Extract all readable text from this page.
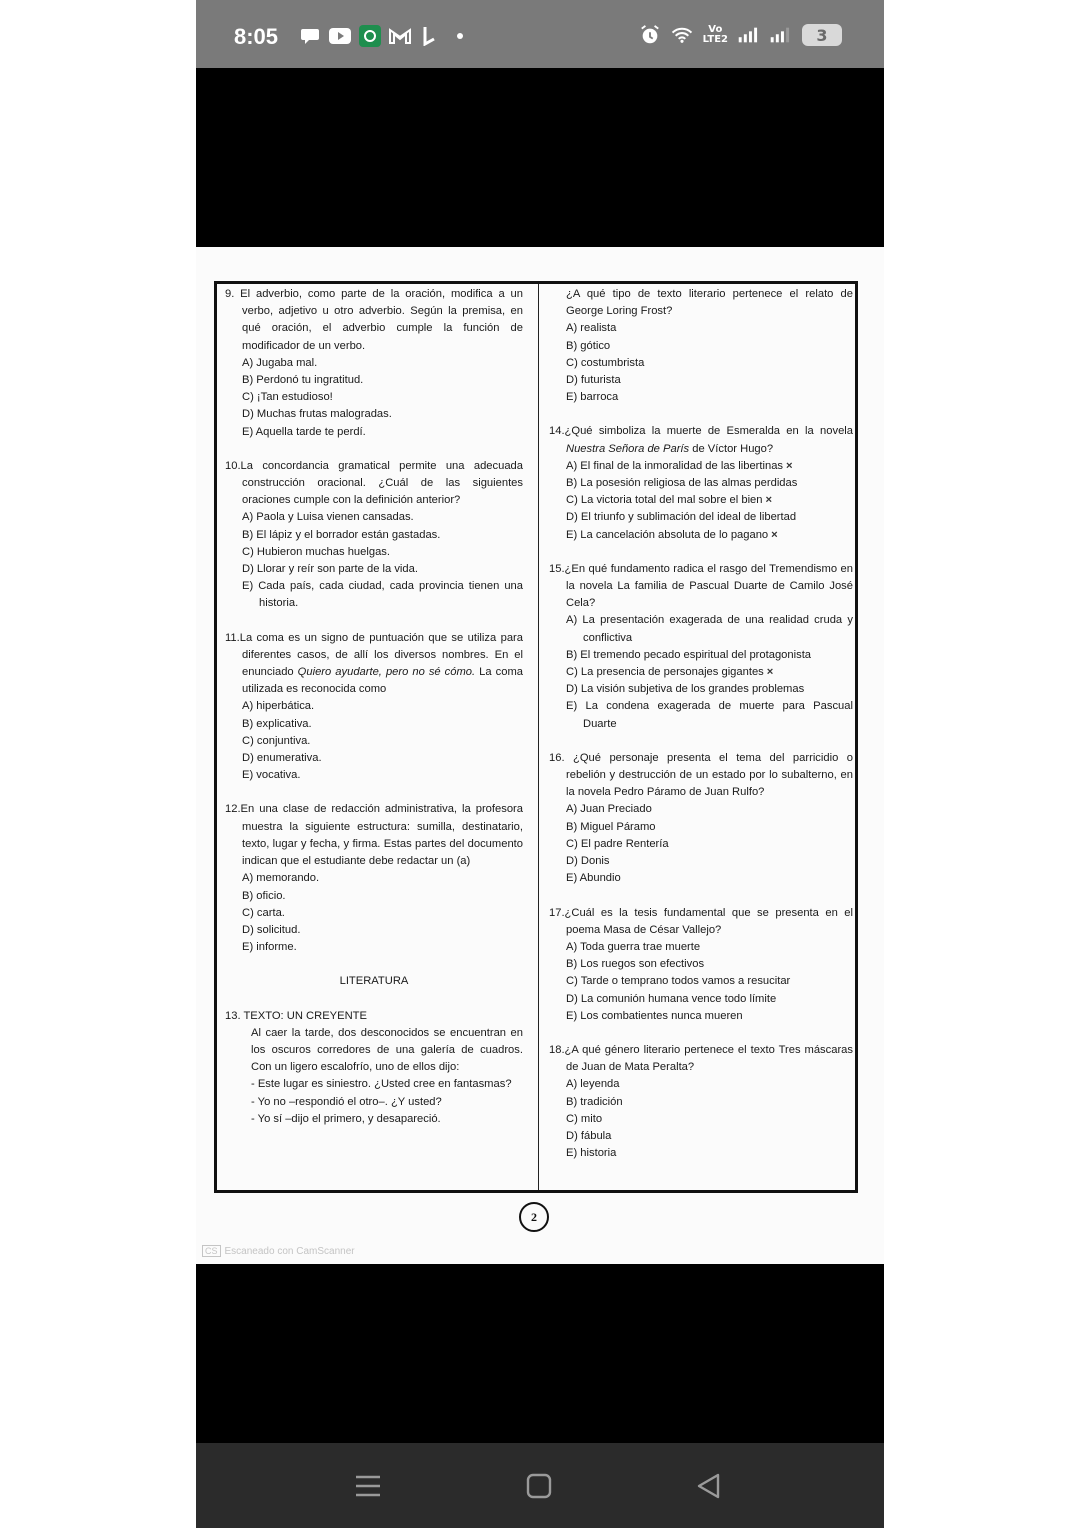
8:05	Vo
LTE2	3
9. El adverbio, como parte de la oración, modifica a un verbo, adjetivo u otro adverbio. Según la premisa, en qué oración, el adverbio cumple la función de modificador de un verbo.
A) Jugaba mal.
B) Perdonó tu ingratitud.
C) ¡Tan estudioso!
D) Muchas frutas malogradas.
E) Aquella tarde te perdí.
10.La concordancia gramatical permite una adecuada construcción oracional. ¿Cuál de las siguientes oraciones cumple con la definición anterior?
A) Paola y Luisa vienen cansadas.
B) El lápiz y el borrador están gastadas.
C) Hubieron muchas huelgas.
D) Llorar y reír son parte de la vida.
E) Cada país, cada ciudad, cada provincia tienen una historia.
11.La coma es un signo de puntuación que se utiliza para diferentes casos, de allí los diversos nombres. En el enunciado Quiero ayudarte, pero no sé cómo. La coma utilizada es reconocida como
A) hiperbática.
B) explicativa.
C) conjuntiva.
D) enumerativa.
E) vocativa.
12.En una clase de redacción administrativa, la profesora muestra la siguiente estructura: sumilla, destinatario, texto, lugar y fecha, y firma. Estas partes del documento indican que el estudiante debe redactar un (a)
A) memorando.
B) oficio.
C) carta.
D) solicitud.
E) informe.
LITERATURA
13. TEXTO: UN CREYENTE
Al caer la tarde, dos desconocidos se encuentran en los oscuros corredores de una galería de cuadros. Con un ligero escalofrío, uno de ellos dijo:
- Este lugar es siniestro. ¿Usted cree en fantasmas?
- Yo no –respondió el otro–. ¿Y usted?
- Yo sí –dijo el primero, y desapareció.
¿A qué tipo de texto literario pertenece el relato de George Loring Frost?
A) realista
B) gótico
C) costumbrista
D) futurista
E) barroca
14.¿Qué simboliza la muerte de Esmeralda en la novela Nuestra Señora de París de Víctor Hugo?
A) El final de la inmoralidad de las libertinas ×
B) La posesión religiosa de las almas perdidas
C) La victoria total del mal sobre el bien ×
D) El triunfo y sublimación del ideal de libertad
E) La cancelación absoluta de lo pagano ×
15.¿En qué fundamento radica el rasgo del Tremendismo en la novela La familia de Pascual Duarte de Camilo José Cela?
A) La presentación exagerada de una realidad cruda y conflictiva
B) El tremendo pecado espiritual del protagonista
C) La presencia de personajes gigantes ×
D) La visión subjetiva de los grandes problemas
E) La condena exagerada de muerte para Pascual Duarte
16. ¿Qué personaje presenta el tema del parricidio o rebelión y destrucción de un estado por lo subalterno, en la novela Pedro Páramo de Juan Rulfo?
A) Juan Preciado
B) Miguel Páramo
C) El padre Rentería
D) Donis
E) Abundio
17.¿Cuál es la tesis fundamental que se presenta en el poema Masa de César Vallejo?
A) Toda guerra trae muerte
B) Los ruegos son efectivos
C) Tarde o temprano todos vamos a resucitar
D) La comunión humana vence todo límite
E) Los combatientes nunca mueren
18.¿A qué género literario pertenece el texto Tres máscaras de Juan de Mata Peralta?
A) leyenda
B) tradición
C) mito
D) fábula
E) historia
2
CS Escaneado con CamScanner
